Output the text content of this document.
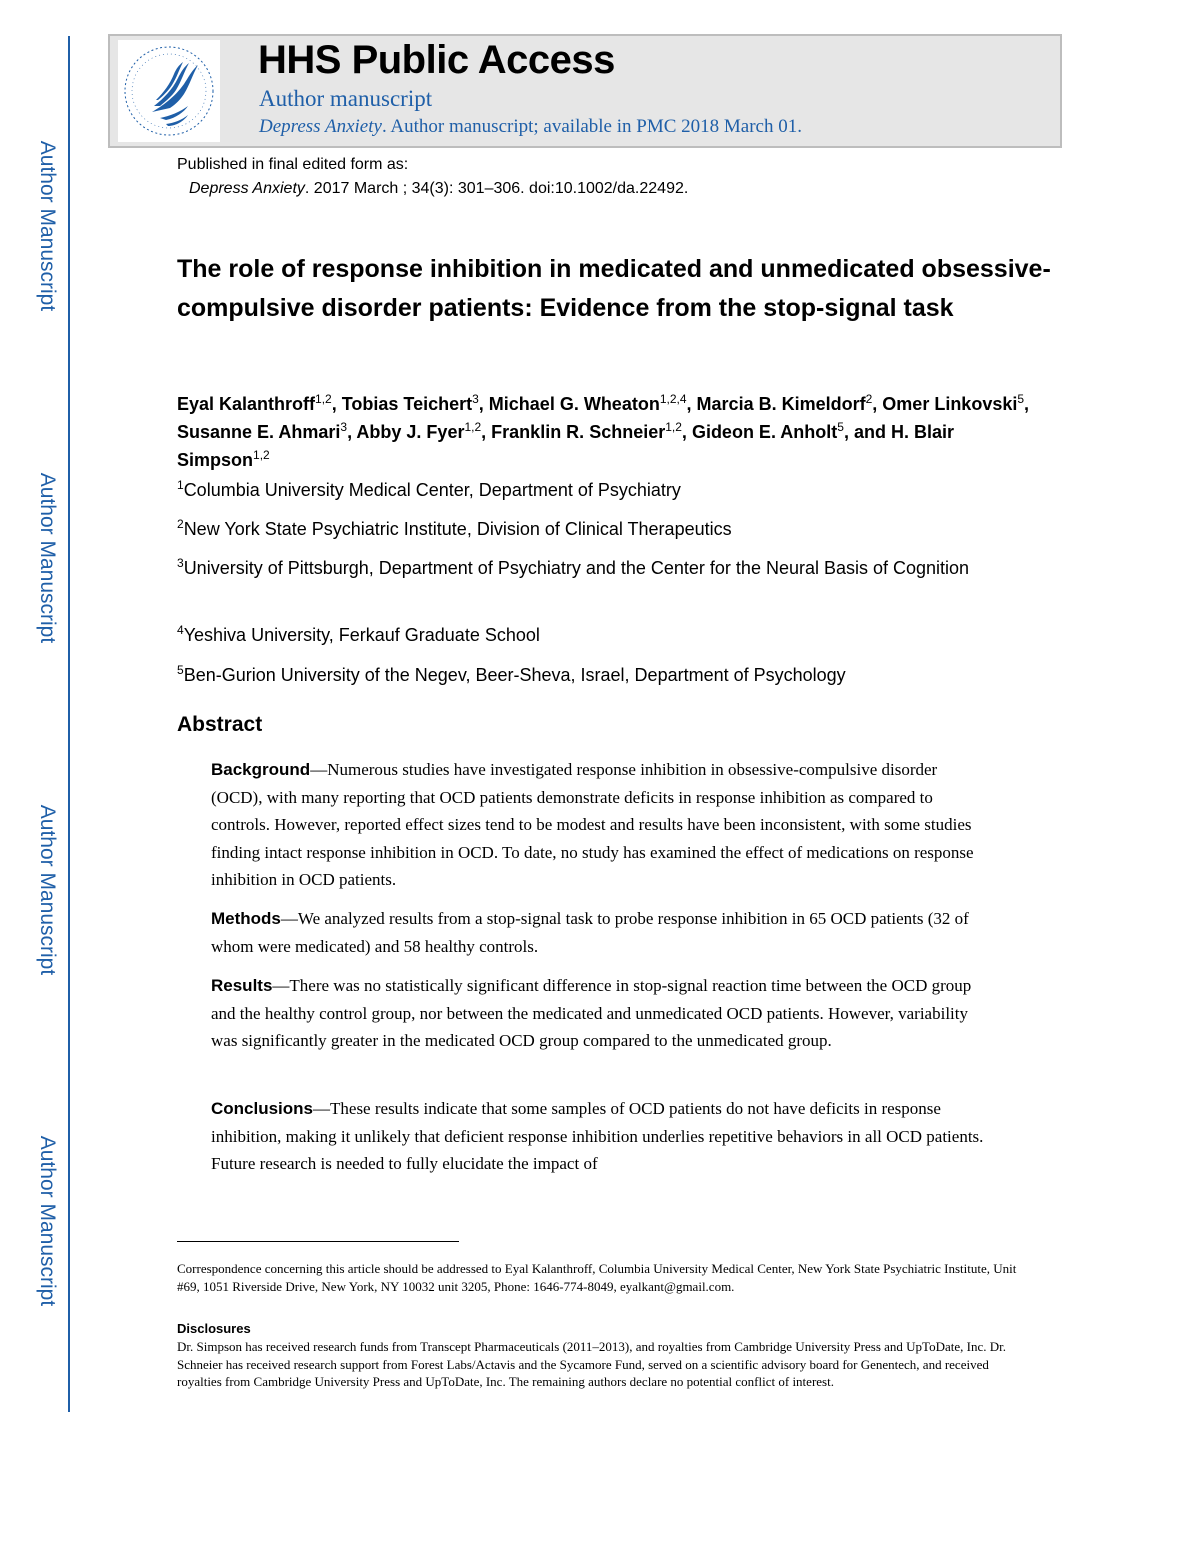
Author Manuscript
Author Manuscript
Author Manuscript
Author Manuscript
HHS Public Access
Author manuscript
Depress Anxiety. Author manuscript; available in PMC 2018 March 01.
Published in final edited form as:
Depress Anxiety. 2017 March ; 34(3): 301–306. doi:10.1002/da.22492.
The role of response inhibition in medicated and unmedicated obsessive-compulsive disorder patients: Evidence from the stop-signal task
Eyal Kalanthroff$^{1,2}$, Tobias Teichert$^3$, Michael G. Wheaton$^{1,2,4}$, Marcia B. Kimeldorf$^2$, Omer Linkovski$^5$, Susanne E. Ahmari$^3$, Abby J. Fyer$^{1,2}$, Franklin R. Schneier$^{1,2}$, Gideon E. Anholt$^5$, and H. Blair Simpson$^{1,2}$
$^1$Columbia University Medical Center, Department of Psychiatry
$^2$New York State Psychiatric Institute, Division of Clinical Therapeutics
$^3$University of Pittsburgh, Department of Psychiatry and the Center for the Neural Basis of Cognition
$^4$Yeshiva University, Ferkauf Graduate School
$^5$Ben-Gurion University of the Negev, Beer-Sheva, Israel, Department of Psychology
Abstract
Background—Numerous studies have investigated response inhibition in obsessive-compulsive disorder (OCD), with many reporting that OCD patients demonstrate deficits in response inhibition as compared to controls. However, reported effect sizes tend to be modest and results have been inconsistent, with some studies finding intact response inhibition in OCD. To date, no study has examined the effect of medications on response inhibition in OCD patients.
Methods—We analyzed results from a stop-signal task to probe response inhibition in 65 OCD patients (32 of whom were medicated) and 58 healthy controls.
Results—There was no statistically significant difference in stop-signal reaction time between the OCD group and the healthy control group, nor between the medicated and unmedicated OCD patients. However, variability was significantly greater in the medicated OCD group compared to the unmedicated group.
Conclusions—These results indicate that some samples of OCD patients do not have deficits in response inhibition, making it unlikely that deficient response inhibition underlies repetitive behaviors in all OCD patients. Future research is needed to fully elucidate the impact of
Correspondence concerning this article should be addressed to Eyal Kalanthroff, Columbia University Medical Center, New York State Psychiatric Institute, Unit #69, 1051 Riverside Drive, New York, NY 10032 unit 3205, Phone: 1646-774-8049, eyalkant@gmail.com.
Disclosures
Dr. Simpson has received research funds from Transcept Pharmaceuticals (2011–2013), and royalties from Cambridge University Press and UpToDate, Inc. Dr. Schneier has received research support from Forest Labs/Actavis and the Sycamore Fund, served on a scientific advisory board for Genentech, and received royalties from Cambridge University Press and UpToDate, Inc. The remaining authors declare no potential conflict of interest.
